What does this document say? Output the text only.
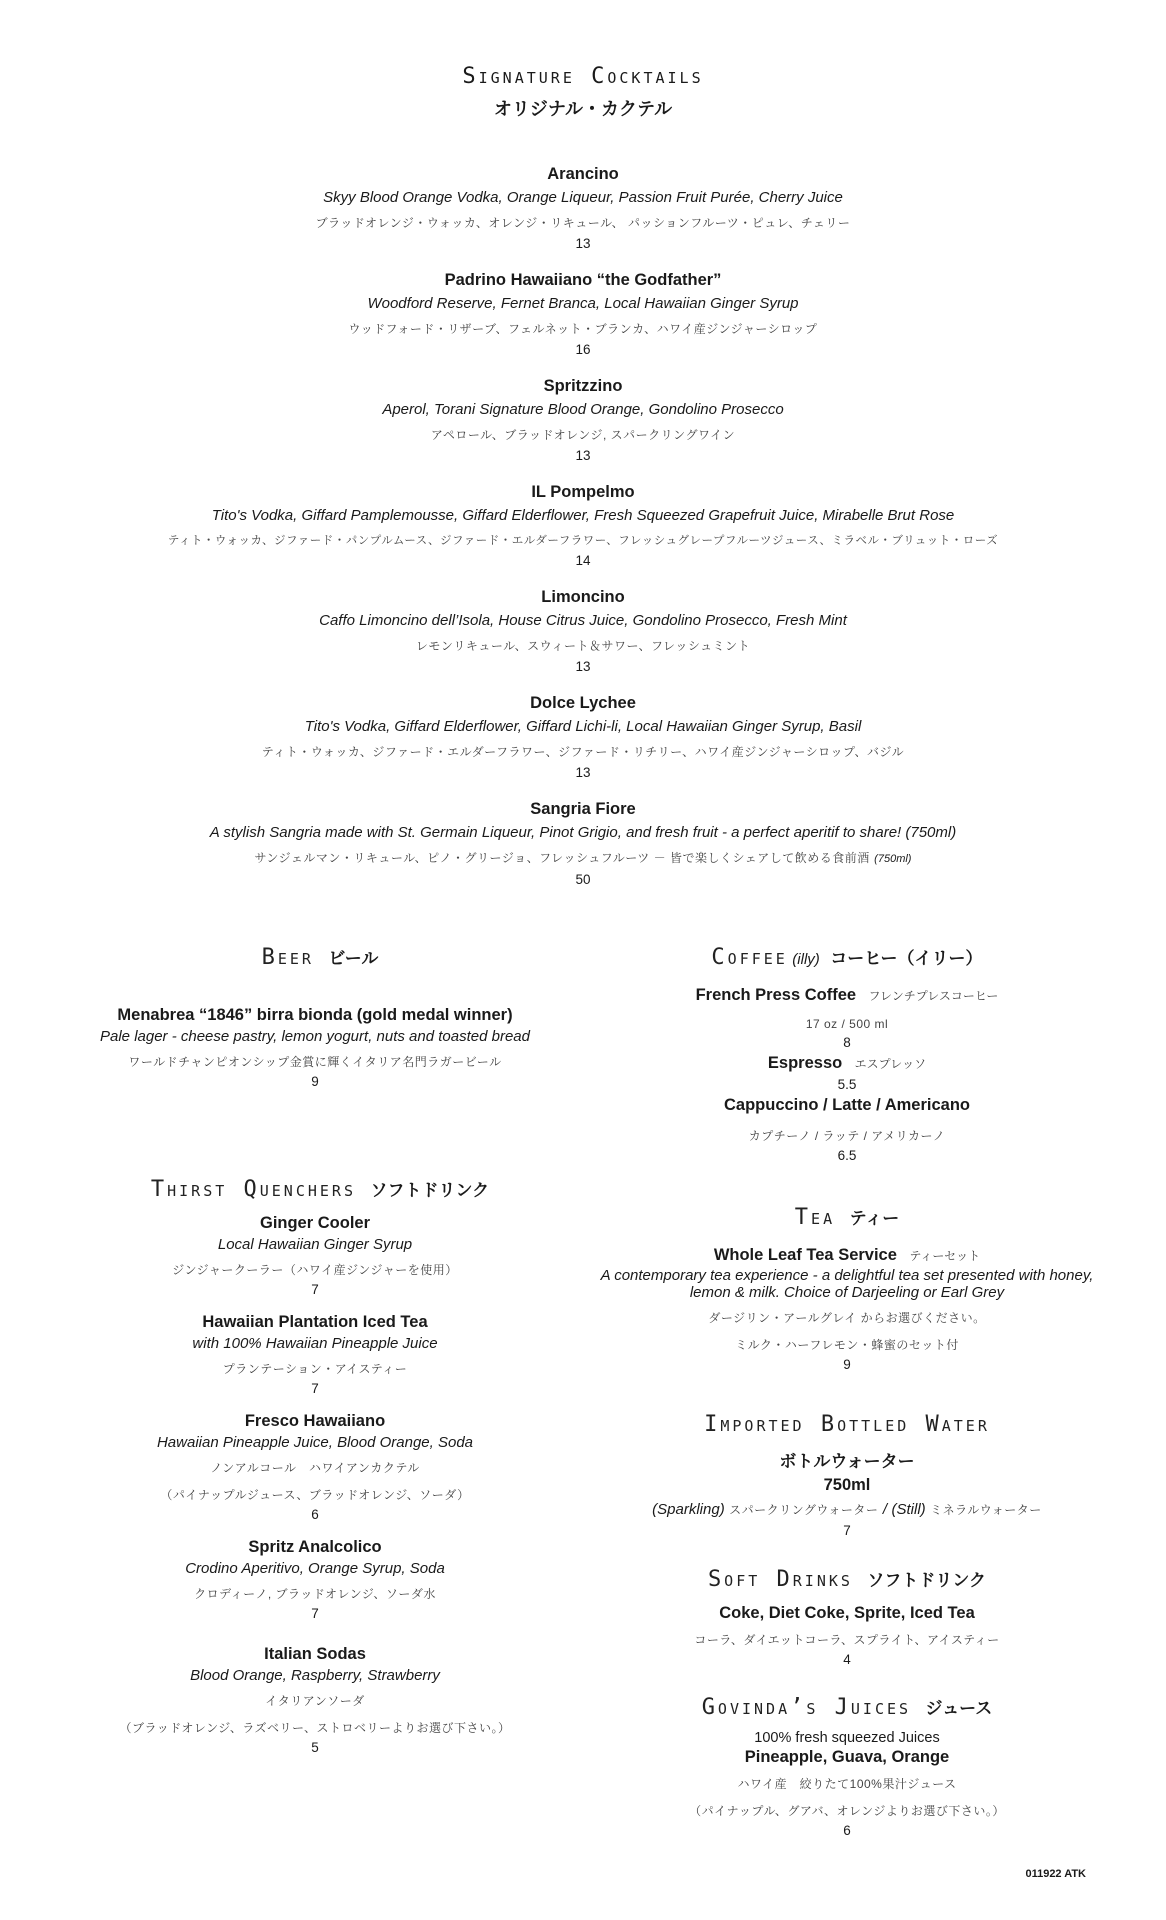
Signature Cocktails
オリジナル・カクテル
Arancino
Skyy Blood Orange Vodka, Orange Liqueur, Passion Fruit Purée, Cherry Juice
ブラッドオレンジ・ウォッカ、オレンジ・リキュール、 パッションフルーツ・ピュレ、チェリー
13
Padrino Hawaiiano “the Godfather”
Woodford Reserve, Fernet Branca, Local Hawaiian Ginger Syrup
ウッドフォード・リザーブ、フェルネット・ブランカ、ハワイ産ジンジャーシロップ
16
Spritzzino
Aperol, Torani Signature Blood Orange, Gondolino Prosecco
アペロール、ブラッドオレンジ, スパークリングワイン
13
IL Pompelmo
Tito's Vodka, Giffard Pamplemousse, Giffard Elderflower, Fresh Squeezed Grapefruit Juice, Mirabelle Brut Rose
ティト・ウォッカ、ジファード・パンプルムース、ジファード・エルダーフラワー、フレッシュグレープフルーツジュース、ミラベル・ブリュット・ローズ
14
Limoncino
Caffo Limoncino dell’Isola, House Citrus Juice, Gondolino Prosecco, Fresh Mint
レモンリキュール、スウィート＆サワー、フレッシュミント
13
Dolce Lychee
Tito's Vodka, Giffard Elderflower, Giffard Lichi-li, Local Hawaiian Ginger Syrup, Basil
ティト・ウォッカ、ジファード・エルダーフラワー、ジファード・リチリー、ハワイ産ジンジャーシロップ、バジル
13
Sangria Fiore
A stylish Sangria made with St. Germain Liqueur, Pinot Grigio, and fresh fruit - a perfect aperitif to share! (750ml)
サンジェルマン・リキュール、ピノ・グリージョ、フレッシュフルーツ － 皆で楽しくシェアして飲める食前酒 (750ml)
50
Beer ビール
Menabrea “1846” birra bionda (gold medal winner)
Pale lager - cheese pastry, lemon yogurt, nuts and toasted bread
ワールドチャンピオンシップ金賞に輝くイタリア名門ラガービール
9
Thirst Quenchers ソフトドリンク
Ginger Cooler
Local Hawaiian Ginger Syrup
ジンジャークーラー（ハワイ産ジンジャーを使用）
7
Hawaiian Plantation Iced Tea
with 100% Hawaiian Pineapple Juice
プランテーション・アイスティー
7
Fresco Hawaiiano
Hawaiian Pineapple Juice, Blood Orange, Soda
ノンアルコール　ハワイアンカクテル
（パイナップルジュース、ブラッドオレンジ、ソーダ）
6
Spritz Analcolico
Crodino Aperitivo, Orange Syrup, Soda
クロディーノ, ブラッドオレンジ、ソーダ水
7
Italian Sodas
Blood Orange, Raspberry, Strawberry
イタリアンソーダ
（ブラッドオレンジ、ラズベリー、ストロベリーよりお選び下さい。）
5
Coffee (illy) コーヒー（イリー）
French Press Coffee フレンチプレスコーヒー
17 oz / 500 ml
8
Espresso エスプレッソ
5.5
Cappuccino / Latte / Americano
カプチーノ / ラッテ / アメリカーノ
6.5
Tea ティー
Whole Leaf Tea Service ティーセット
A contemporary tea experience - a delightful tea set presented with honey,
lemon & milk. Choice of Darjeeling or Earl Grey
ダージリン・アールグレイ からお選びください。
ミルク・ハーフレモン・蜂蜜のセット付
9
Imported Bottled Water
ボトルウォーター
750ml
(Sparkling) スパークリングウォーター / (Still) ミネラルウォーター
7
Soft Drinks ソフトドリンク
Coke, Diet Coke, Sprite, Iced Tea
コーラ、ダイエットコーラ、スプライト、アイスティー
4
Govinda’s Juices ジュース
100% fresh squeezed Juices
Pineapple, Guava, Orange
ハワイ産　絞りたて100%果汁ジュース
（パイナップル、グアバ、オレンジよりお選び下さい。）
6
011922 ATK
